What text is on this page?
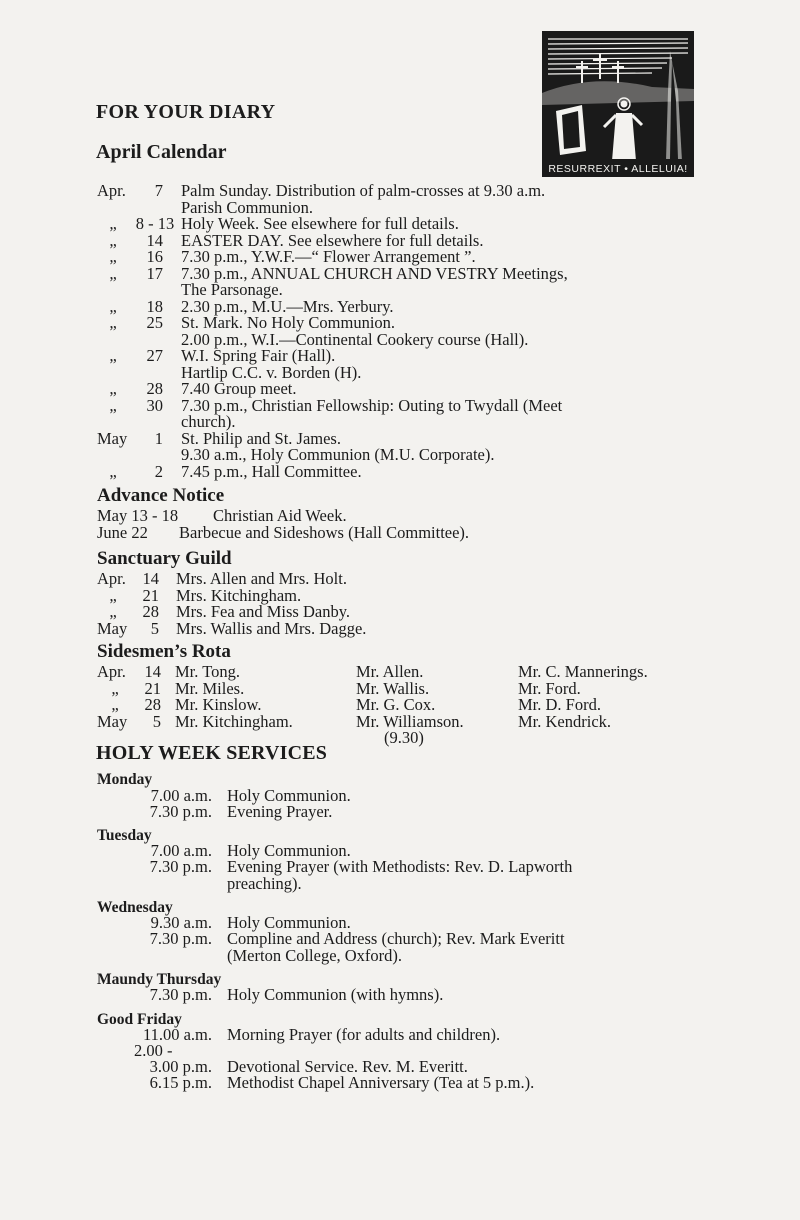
RESURREXIT • ALLELUIA!
FOR YOUR DIARY
April Calendar
Apr.	7 Palm Sunday. Distribution of palm-crosses at 9.30 a.m.
Parish Communion.
„	8 - 13 Holy Week. See elsewhere for full details.
„	14 EASTER DAY. See elsewhere for full details.
„	16 7.30 p.m., Y.W.F.—“ Flower Arrangement ”.
„	17 7.30 p.m., ANNUAL CHURCH AND VESTRY Meetings,
The Parsonage.
„	18 2.30 p.m., M.U.—Mrs. Yerbury.
„	25 St. Mark. No Holy Communion.
2.00 p.m., W.I.—Continental Cookery course (Hall).
„	27 W.I. Spring Fair (Hall).
Hartlip C.C. v. Borden (H).
„	28 7.40 Group meet.
„	30 7.30 p.m., Christian Fellowship: Outing to Twydall (Meet
church).
May	1 St. Philip and St. James.
9.30 a.m., Holy Communion (M.U. Corporate).
„	2 7.45 p.m., Hall Committee.
Advance Notice
May 13 - 18	Christian Aid Week.
June 22	Barbecue and Sideshows (Hall Committee).
Sanctuary Guild
Apr.	14 Mrs. Allen and Mrs. Holt.
„	21 Mrs. Kitchingham.
„	28 Mrs. Fea and Miss Danby.
May	5 Mrs. Wallis and Mrs. Dagge.
Sidesmen’s Rota
Apr.	14 Mr. Tong.	Mr. Allen.	Mr. C. Mannerings.
„	21 Mr. Miles.	Mr. Wallis.	Mr. Ford.
„	28 Mr. Kinslow.	Mr. G. Cox.	Mr. D. Ford.
May	5 Mr. Kitchingham.	Mr. Williamson.	Mr. Kendrick.
(9.30)
HOLY WEEK SERVICES
Monday
7.00 a.m. Holy Communion.
7.30 p.m. Evening Prayer.
Tuesday
7.00 a.m. Holy Communion.
7.30 p.m. Evening Prayer (with Methodists: Rev. D. Lapworth
preaching).
Wednesday
9.30 a.m. Holy Communion.
7.30 p.m. Compline and Address (church); Rev. Mark Everitt
(Merton College, Oxford).
Maundy Thursday
7.30 p.m. Holy Communion (with hymns).
Good Friday
11.00 a.m. Morning Prayer (for adults and children).
2.00 -
3.00 p.m. Devotional Service. Rev. M. Everitt.
6.15 p.m. Methodist Chapel Anniversary (Tea at 5 p.m.).
